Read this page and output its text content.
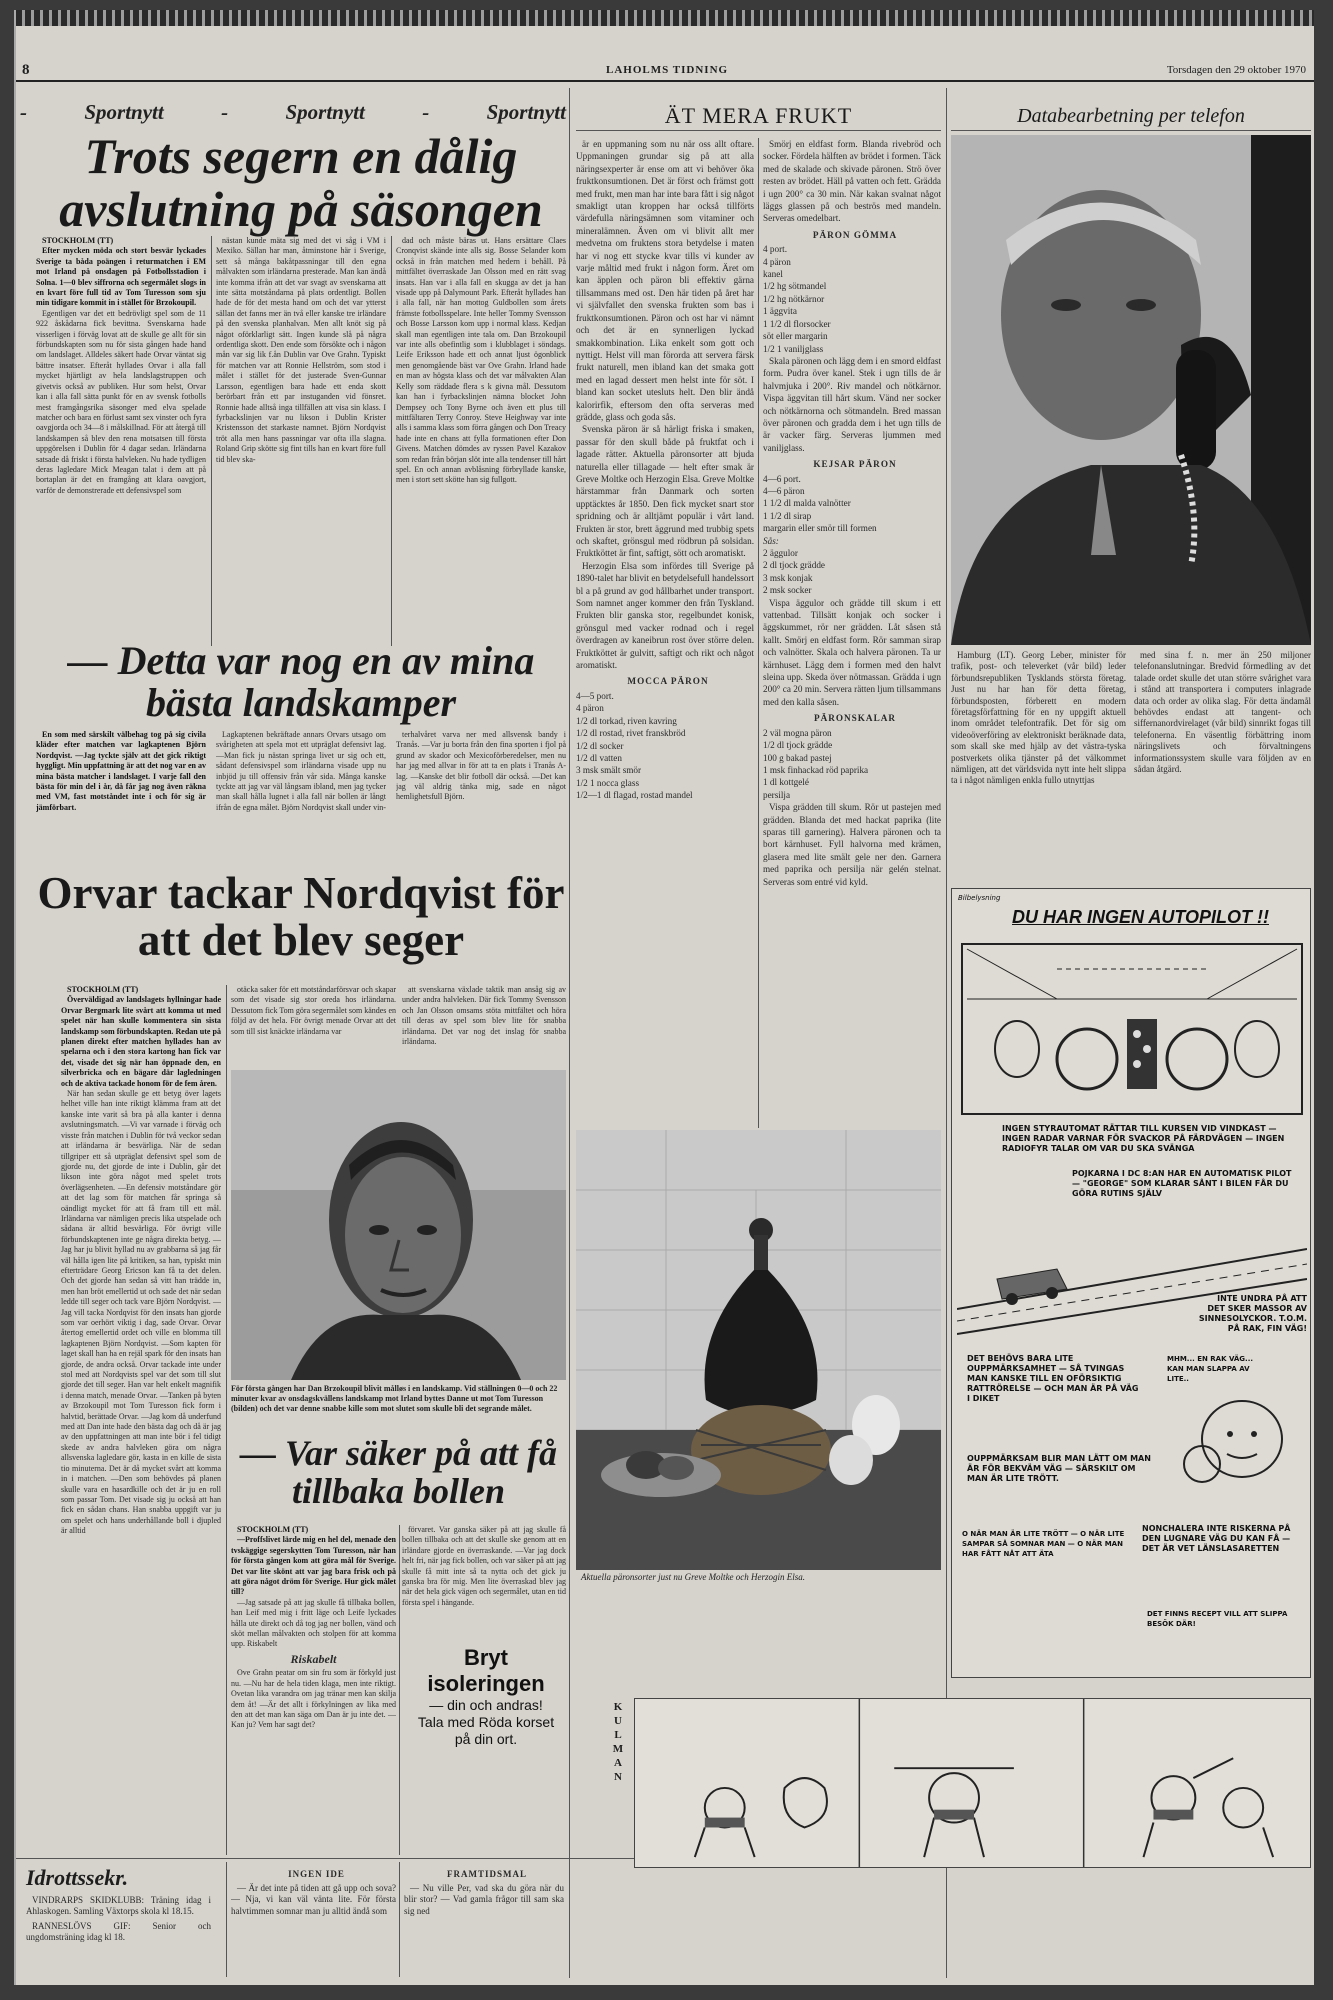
8	LAHOLMS TIDNING	Torsdagen den 29 oktober 1970
-	Sportnytt	-	Sportnytt	-	Sportnytt
Trots segern en dålig avslutning på säsongen

STOCKHOLM (TT)

Efter mycken möda och stort besvär lyckades Sverige ta båda poängen i returmatchen i EM mot Irland på onsdagen på Fotbollsstadion i Solna. 1—0 blev siffrorna och segermålet slogs in en kvart före full tid av Tom Turesson som sju min tidigare kommit in i stället för Brzokoupil.

Egentligen var det ett bedrövligt spel som de 11 922 åskådarna fick bevittna. Svenskarna hade visserligen i förväg lovat att de skulle ge allt för sin förbundskapten som nu för sista gången hade hand om landslaget. Alldeles säkert hade Orvar väntat sig bättre insatser. Efteråt hyllades Orvar i alla fall mycket hjärtligt av hela landslagstruppen och givetvis också av publiken. Hur som helst, Orvar kan i alla fall sätta punkt för en av svensk fotbolls mest framgångsrika säsonger med elva spelade matcher och bara en förlust samt sex vinster och fyra oavgjorda och 34—8 i målskillnad. För att återgå till landskampen så blev den rena motsatsen till första uppgörelsen i Dublin för 4 dagar sedan. Irländarna satsade då friskt i första halvleken. Nu hade tydligen deras lagledare Mick Meagan talat i dem att på bortaplan är det en framgång att klara oavgjort, varför de demonstrerade ett defensivspel som

nästan kunde mäta sig med det vi såg i VM i Mexiko. Sällan har man, åtminstone här i Sverige, sett så många bakåtpassningar till den egna målvakten som irländarna presterade. Man kan ändå inte komma ifrån att det var svagt av svenskarna att inte sätta motståndarna på plats ordentligt. Bollen hade de för det mesta hand om och det var ytterst sällan det fanns mer än två eller kanske tre irländare på den svenska planhalvan. Men allt knöt sig på något oförklarligt sätt. Ingen kunde slå på några ordentliga skott. Den ende som försökte och i någon mån var sig lik f.ån Dublin var Ove Grahn. Typiskt för matchen var att Ronnie Hellström, som stod i målet i stället för det justerade Sven-Gunnar Larsson, egentligen bara hade ett enda skott berörbart från ett par instuganden vid fönsret. Ronnie hade alltså inga tillfällen att visa sin klass. I fyrbackslinjen var nu likson i Dublin Krister Kristensson det starkaste namnet. Björn Nordqvist tröt alla men hans passningar var ofta illa slagna. Roland Grip skötte sig fint tills han en kvart före full tid blev ska-

dad och måste bäras ut. Hans ersättare Claes Cronqvist skände inte alls sig. Bosse Selander kom också in från matchen med hedern i behåll. På mittfältet överraskade Jan Olsson med en rätt svag insats. Han var i alla fall en skugga av det ja han visade upp på Dalymount Park. Efteråt hyllades han i alla fall, när han mottog Guldbollen som årets främste fotbollsspelare. Inte heller Tommy Svensson och Bosse Larsson kom upp i normal klass. Kedjan skall man egentligen inte tala om. Dan Brzokoupil var inte alls obefintlig som i klubblaget i söndags. Leife Eriksson hade ett och annat ljust ögonblick men genomgående bäst var Ove Grahn. Irland hade en man av högsta klass och det var målvakten Alan Kelly som räddade flera s k givna mål. Dessutom kan han i fyrbackslinjen nämna blocket John Dempsey och Tony Byrne och även ett plus till mittfältaren Terry Conroy. Steve Heighway var inte alls i samma klass som förra gången och Don Treacy hade inte en chans att fylla formationen efter Don Givens. Matchen dömdes av ryssen Pavel Kazakov som redan från början slöt inte alla tendenser till hårt spel. En och annan avblåsning förbryllade kanske, men i stort sett skötte han sig fullgott.

— Detta var nog en av mina bästa landskamper

En som med särskilt välbehag tog på sig civila kläder efter matchen var lagkaptenen Björn Nordqvist. —Jag tyckte själv att det gick riktigt hyggligt. Min uppfattning är att det nog var en av mina bästa matcher i landslaget. I varje fall den bästa för min del i år, då får jag nog även räkna med VM, fast motståndet inte i och för sig är jämförbart.

Lagkaptenen bekräftade annars Orvars utsago om svårigheten att spela mot ett utpräglat defensivt lag. —Man fick ju nästan springa livet ur sig och ett, sådant defensivspel som irländarna visade upp nu inbjöd ju till offensiv från vår sida. Många kanske tyckte att jag var väl långsam ibland, men jag tycker man skall hålla lugnet i alla fall när bollen är långt ifrån de egna målet. Björn Nordqvist skall under vin-

terhalvåret varva ner med allsvensk bandy i Tranås. —Var ju borta från den fina sporten i fjol på grund av skador och Mexicoförberedelser, men nu har jag med allvar in för att ta en plats i Tranås A-lag. —Kanske det blir fotboll där också. —Det kan jag väl aldrig tänka mig, sade en något hemlighetsfull Björn.

Orvar tackar Nordqvist för att det blev seger

STOCKHOLM (TT)

Överväldigad av landslagets hyllningar hade Orvar Bergmark lite svårt att komma ut med spelet när han skulle kommentera sin sista landskamp som förbundskapten. Redan ute på planen direkt efter matchen hyllades han av spelarna och i den stora kartong han fick var det, visade det sig när han öppnade den, en silverbricka och en bägare där lagledningen och de aktiva tackade honom för de fem åren.

När han sedan skulle ge ett betyg över lagets helhet ville han inte riktigt klämma fram att det kanske inte varit så bra på alla kanter i denna avslutningsmatch. —Vi var varnade i förväg och visste från matchen i Dublin för två veckor sedan att irländarna är besvärliga. När de sedan tillgriper ett så utpräglat defensivt spel som de gjorde nu, det gjorde de inte i Dublin, går det likson inte göra något med spelet trots överlägsenheten. —En defensiv motståndare gör att det lag som för matchen får springa så oändligt mycket för att få fram till ett mål. Irländarna var nämligen precis lika utspelade och sådana är alltid besvärliga. För övrigt ville förbundskaptenen inte ge några direkta betyg. —Jag har ju blivit hyllad nu av grabbarna så jag får väl hålla igen lite på kritiken, sa han, typiskt min efterträdare Georg Ericson kan få ta det delen. Och det gjorde han sedan så vitt han trädde in, men han bröt emellertid ut och sade det när sedan ledde till seger och tack vare Björn Nordqvist. —Jag vill tacka Nordqvist för den insats han gjorde som var oerhört viktig i dag, sade Orvar. Orvar återtog emellertid ordet och ville en blomma till lagkaptenen Björn Nordqvist. —Som kapten för laget skall han ha en rejäl spark för den insats han gjorde, de andra också. Orvar tackade inte under stol med att Nordqvists spel var det som till slut gjorde det till seger. Han var helt enkelt magnifik i denna match, menade Orvar. —Tanken på byten av Brzokoupil mot Tom Turesson fick form i halvtid, berättade Orvar. —Jag kom då underfund med att Dan inte hade den bästa dag och då är jag av den uppfattningen att man inte bör i fel tidigt skede av andra halvleken göra om några allsvenska lagledare gör, kasta in en kille de sista tio minuterna. Det är då mycket svårt att komma in i matchen. —Den som behövdes på planen skulle vara en hasardkille och det är ju en roll som passar Tom. Det visade sig ju också att han fick en sådan chans. Han snabba uppgift var ju om spelet och hans underhållande boll i djupled är alltid

otäcka saker för ett motståndarförsvar och skapar som det visade sig stor oreda hos irländarna. Dessutom fick Tom göra segermålet som kändes en följd av det hela. För övrigt menade Orvar att det som till sist knäckte irländarna var

att svenskarna växlade taktik man ansåg sig av under andra halvleken. Där fick Tommy Svensson och Jan Olsson omsams stöta mittfältet och höra till deras av spel som blev lite för snabba irländarna. Det var nog det inslag för snabba irländarna.

För första gången har Dan Brzokoupil blivit målløs i en landskamp. Vid ställningen 0—0 och 22 minuter kvar av onsdagskvällens landskamp mot Irland byttes Danne ut mot Tom Turesson (bilden) och det var denne snabbe kille som mot slutet som skulle bli det segrande målet.
— Var säker på att få tillbaka bollen

STOCKHOLM (TT)

—Proffslivet lärde mig en hel del, menade den tvskäggige segerskytten Tom Turesson, när han för första gången kom att göra mål för Sverige. Det var lite skönt att var jag bara frisk och på att göra något dröm för Sverige. Hur gick målet till?

—Jag satsade på att jag skulle få tillbaka bollen, han Leif med mig i fritt läge och Leife lyckades hålla ute direkt och då tog jag ner bollen, vänd och sköt mellan målvakten och stolpen för att komma upp. Riskabelt

Riskabelt

Ove Grahn peatar om sin fru som är förkyld just nu. —Nu har de hela tiden klaga, men inte riktigt. Ovetan lika varandra om jag tränar men kan skilja dem åt! —Är det allt i förkylningen av lika med den att det man kan säga om Dan är ju inte det. —Kan ju? Vem har sagt det?

förvaret. Var ganska säker på att jag skulle få bollen tillbaka och att det skulle ske genom att en irländare gjorde en överraskande. —Var jag dock helt fri, när jag fick bollen, och var säker på att jag skulle få mitt inte så ta nytta och det gick ju ganska bra för mig. Men lite överraskad blev jag när det hela gick vägen och segermålet, utan en tid första spel i hängande.

Bryt isoleringen
— din och andras!
Tala med Röda korset
på din ort.
Idrottssekr.

VINDRARPS SKIDKLUBB: Träning idag i Ahlaskogen. Samling Växtorps skola kl 18.15.

RANNESLÖVS GIF: Senior och ungdomsträning idag kl 18.

INGEN IDE

— Är det inte på tiden att gå upp och sova? — Nja, vi kan väl vänta lite. För första halvtimmen somnar man ju alltid ändå som

FRAMTIDSMAL

— Nu ville Per, vad ska du göra när du blir stor? — Vad gamla frågor till sam ska sig ned

ÄT MERA FRUKT

är en uppmaning som nu när oss allt oftare. Uppmaningen grundar sig på att alla näringsexperter är ense om att vi behöver öka fruktkonsumtionen. Det är först och främst gott med frukt, men man har inte bara fått i sig något smakligt utan kroppen har också tillförts värdefulla näringsämnen som vitaminer och mineralämnen. Även om vi blivit allt mer medvetna om fruktens stora betydelse i maten har vi nog ett stycke kvar tills vi kunder av varje måltid med frukt i någon form. Äret om kan äpplen och päron bli effektiv gärna tillsammans med ost. Den här tiden på året har vi självfallet den svenska frukten som bas i fruktkonsumtionen. Päron och ost har vi nämnt och det är en synnerligen lyckad smakkombination. Lika enkelt som gott och nyttigt. Helst vill man förorda att servera färsk frukt naturell, men ibland kan det smaka gott med en lagad dessert men helst inte för söt. I bland kan socket utesluts helt. Den blir ändå kalorirfik, eftersom den ofta serveras med grädde, glass och goda sås.

Svenska päron är så härligt friska i smaken, passar för den skull både på fruktfat och i lagade rätter. Aktuella päronsorter att bjuda naturella eller tillagade — helt efter smak är Greve Moltke och Herzogin Elsa. Greve Moltke härstammar från Danmark och sorten upptäcktes år 1850. Den fick mycket snart stor spridning och är alltjämt populär i vårt land. Frukten är stor, brett äggrund med trubbig spets och skaftet, grönsgul med rödbrun på solsidan. Fruktköttet är fint, saftigt, sött och aromatiskt.

Herzogin Elsa som infördes till Sverige på 1890-talet har blivit en betydelsefull handelssort bl a på grund av god hållbarhet under transport. Som namnet anger kommer den från Tyskland. Frukten blir ganska stor, regelbundet konisk, grönsgul med vacker rodnad och i regel överdragen av kaneibrun rost över större delen. Fruktköttet är gulvitt, saftigt och rikt och något aromatiskt.

MOCCA PÄRON

4—5 port.

4 päron

1/2 dl torkad, riven kavring

1/2 dl rostad, rivet franskbröd

1/2 dl socker

1/2 dl vatten

3 msk smält smör

1/2 1 nocca glass

1/2—1 dl flagad, rostad mandel

Smörj en eldfast form. Blanda rivebröd och socker. Fördela hälften av brödet i formen. Täck med de skalade och skivade päronen. Strö över resten av brödet. Häll på vatten och fett. Grädda i ugn 200° ca 30 min. När kakan svalnat något läggs glassen på och beströs med mandeln. Serveras omedelbart.

PÄRON GÖMMA

4 port.

4 päron

kanel

1/2 hg sötmandel

1/2 hg nötkärnor

1 äggvita

1 1/2 dl florsocker

söt eller margarin

1/2 1 vaniljglass

Skala päronen och lägg dem i en smord eldfast form. Pudra över kanel. Stek i ugn tills de är halvmjuka i 200°. Riv mandel och nötkärnor. Vispa äggvitan till hårt skum. Vänd ner socker och nötkärnorna och sötmandeln. Bred massan över päronen och gradda dem i het ugn tills de är vacker färg. Serveras ljummen med vaniljglass.

KEJSAR PÄRON

4—6 port.

4—6 päron

1 1/2 dl malda valnötter

1 1/2 dl sirap

margarin eller smör till formen

Sås:

2 äggulor

2 dl tjock grädde

3 msk konjak

2 msk socker

Vispa äggulor och grädde till skum i ett vattenbad. Tillsätt konjak och socker i äggskummet, rör ner grädden. Låt såsen stå kallt. Smörj en eldfast form. Rör samman sirap och valnötter. Skala och halvera päronen. Ta ur kärnhuset. Lägg dem i formen med den halvt sleina upp. Skeda över nötmassan. Grädda i ugn 200° ca 20 min. Servera rätten ljum tillsammans med den kalla såsen.

PÄRONSKALAR

2 väl mogna päron

1/2 dl tjock grädde

100 g bakad pastej

1 msk finhackad röd paprika

1 dl kottgelé

persilja

Vispa grädden till skum. Rör ut pastejen med grädden. Blanda det med hackat paprika (lite sparas till garnering). Halvera päronen och ta bort kärnhuset. Fyll halvorna med krämen, glasera med lite smält gele ner den. Garnera med paprika och persilja när gelén stelnat. Serveras som entré vid kyld.

Aktuella päronsorter just nu Greve Moltke och Herzogin Elsa.
Databearbetning per telefon

Hamburg (LT). Georg Leber, minister för trafik, post- och televerket (vår bild) leder förbundsrepubliken Tysklands största företag. Just nu har han för detta företag, förbundsposten, förberett en modern företagsförfattning för en ny uppgift aktuell inom området telefontrafik. Det för sig om videoöverföring av elektroniskt beräknade data, som skall ske med hjälp av det västra-tyska postverkets olika tjänster på det välkommet nämligen, att det världsvida nytt inte helt slippa ta i något nämligen enkla fullo utnyttjas

med sina f. n. mer än 250 miljoner telefonanslutningar. Bredvid förmedling av det talade ordet skulle det utan större svårighet vara i stånd att transportera i computers inlagrade data och order av olika slag. För detta ändamål behövdes endast att tangent- och siffernanordvirelaget (vår bild) sinnrikt fogas till telefonerna. En väsentlig förbättring inom näringslivets och förvaltningens informationssystem skulle vara följden av en sådan åtgärd.

Bilbelysning
DU HAR INGEN AUTOPILOT !!
INGEN STYRAUTOMAT RÄTTAR TILL KURSEN VID VINDKAST — INGEN RADAR VARNAR FÖR SVACKOR PÅ FÄRDVÄGEN — INGEN RADIOFYR TALAR OM VAR DU SKA SVÄNGA
POJKARNA I DC 8:AN HAR EN AUTOMATISK PILOT — "GEORGE" SOM KLARAR SÅNT I BILEN FÅR DU GÖRA RUTINS SJÄLV
INTE UNDRA PÅ ATT DET SKER MASSOR AV SINNESOLYCKOR. T.O.M. PÅ RAK, FIN VÄG!
DET BEHÖVS BARA LITE OUPPMÄRKSAMHET — SÅ TVINGAS MAN KANSKE TILL EN OFÖRSIKTIG RATTRÖRELSE — OCH MAN ÄR PÅ VÄG I DIKET
MHM... EN RAK VÄG... KAN MAN SLAPPA AV LITE..
OUPPMÄRKSAM BLIR MAN LÄTT OM MAN ÄR FÖR BEKVÄM VÄG — SÄRSKILT OM MAN ÄR LITE TRÖTT.
O NÄR MAN ÄR LITE TRÖTT — O NÄR LITE SAMPAR SÅ SOMNAR MAN — O NÄR MAN HAR FÅTT NÅT ATT ÄTA
NONCHALERA INTE RISKERNA PÅ DEN LUGNARE VÄG DU KAN FÅ — DET ÄR VET LÄNSLASARETTEN
DET FINNS RECEPT VILL ATT SLIPPA BESÖK DÄR!
K
U
L
M
A
N
